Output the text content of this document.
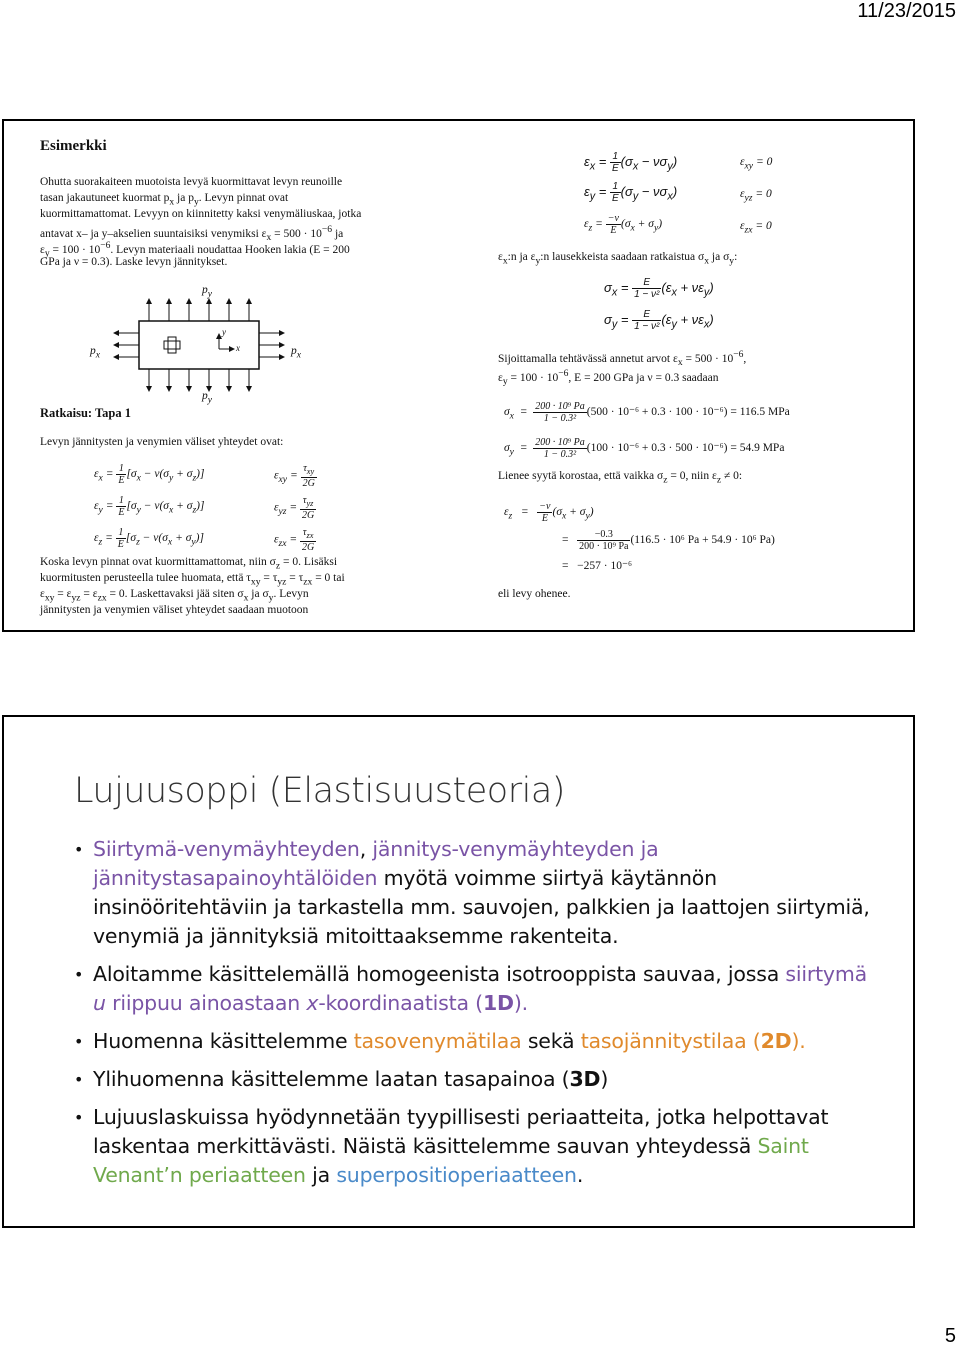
11/23/2015
Esimerkki
Ohutta suorakaiteen muotoista levyä kuormittavat levyn reunoille
tasan jakautuneet kuormat $p_x$ ja $p_y$. Levyn pinnat ovat
kuormittamattomat. Levyyn on kiinnitetty kaksi venymäliuskaa, jotka
antavat x– ja y–akselien suuntaisiksi venymiksi $\varepsilon_x = 500 \cdot 10^{-6}$ ja
$\varepsilon_y = 100 \cdot 10^{-6}$. Levyn materiaali noudattaa Hooken lakia (E = 200
GPa ja ν = 0.3). Laske levyn jännitykset.
$p_y$
$p_y$
$p_x$	$p_x$
x
y
Ratkaisu: Tapa 1
Levyn jännitysten ja venymien väliset yhteydet ovat:
$\varepsilon_x = \frac{1}{E} [\sigma_x - \nu(\sigma_y + \sigma_z)]$	$\varepsilon_{xy} = \frac{\tau_{xy}}{2G}$
$\varepsilon_y = \frac{1}{E} [\sigma_y - \nu(\sigma_x + \sigma_z)]$	$\varepsilon_{yz} = \frac{\tau_{yz}}{2G}$
$\varepsilon_z = \frac{1}{E} [\sigma_z - \nu(\sigma_x + \sigma_y)]$	$\varepsilon_{zx} = \frac{\tau_{zx}}{2G}$
Koska levyn pinnat ovat kuormittamattomat, niin $\sigma_z = 0$. Lisäksi
kuormitusten perusteella tulee huomata, että $\tau_{xy} = \tau_{yz} = \tau_{zx} = 0$ tai
$\varepsilon_{xy} = \varepsilon_{yz} = \varepsilon_{zx} = 0$. Laskettavaksi jää siten $\sigma_x$ ja $\sigma_y$. Levyn
jännitysten ja venymien väliset yhteydet saadaan muotoon
$\varepsilon_x = \frac{1}{E} (\sigma_x - \nu\sigma_y)$	$\varepsilon_{xy} = 0$
$\varepsilon_y = \frac{1}{E} (\sigma_y - \nu\sigma_x)$	$\varepsilon_{yz} = 0$
$\varepsilon_z = \frac{-\nu}{E} (\sigma_x + \sigma_y)$	$\varepsilon_{zx} = 0$
$\varepsilon_x:n$ ja $\varepsilon_y:n$ lausekkeista saadaan ratkaistua $\sigma_x$ ja $\sigma_y$:
$\sigma_x = \frac{E}{\text{1 − ν²}} (\varepsilon_x + \nu\varepsilon_y)$
$\sigma_y = \frac{E}{\text{1 − ν²}} (\varepsilon_y + \nu\varepsilon_x)$
Sijoittamalla tehtävässä annetut arvot $\varepsilon_x = 500 \cdot 10^{-6}$,
$\varepsilon_y = 100 \cdot 10^{-6}$, E = 200 GPa ja ν = 0.3 saadaan
$\sigma_x = \frac{\text{200 · 10⁹ Pa}}{\text{1 − 0.3²}} (500 \cdot 10^{-6} + 0.3 \cdot 100 \cdot 10^{-6}) = 116.5$ MPa
$\sigma_y = \frac{\text{200 · 10⁹ Pa}}{\text{1 − 0.3²}} (100 \cdot 10^{-6} + 0.3 \cdot 500 \cdot 10^{-6}) = 54.9$ MPa
Lienee syytä korostaa, että vaikka $\sigma_z = 0$, niin $\varepsilon_z \ne 0$:
$\varepsilon_z = \frac{-\nu}{E} (\sigma_x + \sigma_y)$
= $\frac{-0.3}{\text{200 · 10⁹ Pa}} (116.5 \cdot 10^6$ Pa + 54.9 · 10⁶ Pa)
=   −257 · 10⁻⁶
eli levy ohenee.
Lujuusoppi (Elastisuusteoria)
• Siirtymä-venymäyhteyden, jännitys-venymäyhteyden ja jännitystasapainoyhtälöiden myötä voimme siirtyä käytännön insinööritehtäviin ja tarkastella mm. sauvojen, palkkien ja laattojen siirtymiä, venymiä ja jännityksiä mitoittaaksemme rakenteita.
• Aloitamme käsittelemällä homogeenista isotrooppista sauvaa, jossa siirtymä u riippuu ainoastaan x-koordinaatista (1D).
• Huomenna käsittelemme tasovenymätilaa sekä tasojännitystilaa (2D).
• Ylihuomenna käsittelemme laatan tasapainoa (3D)
• Lujuuslaskuissa hyödynnetään tyypillisesti periaatteita, jotka helpottavat laskentaa merkittävästi. Näistä käsittelemme sauvan yhteydessä Saint Venant’n periaatteen ja superpositioperiaatteen.
5
